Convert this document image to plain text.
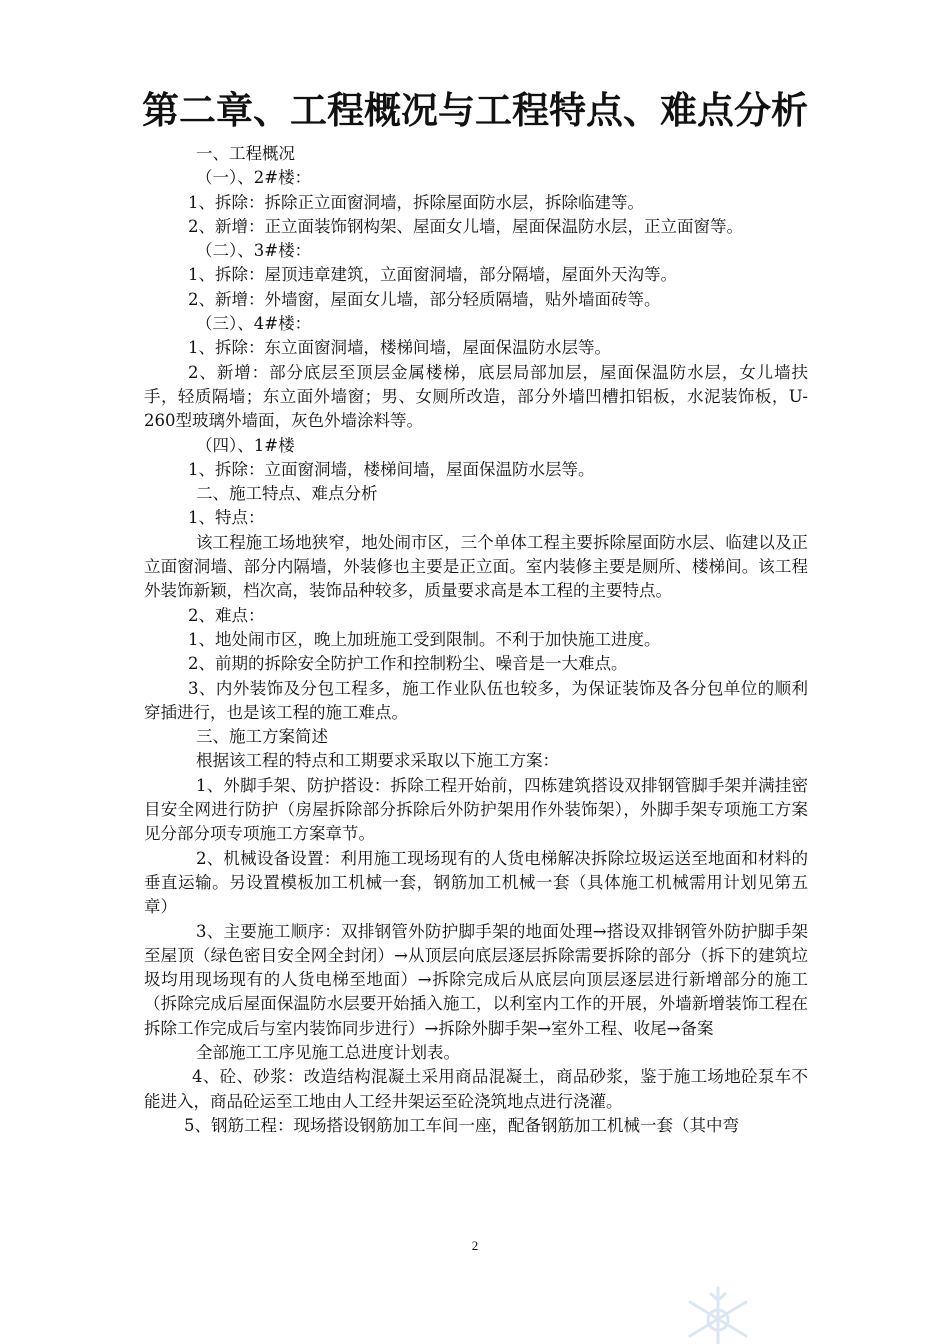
第二章、工程概况与工程特点、难点分析

一、工程概况

（一）、2#楼：

1、拆除：拆除正立面窗洞墙，拆除屋面防水层，拆除临建等。

2、新增：正立面装饰钢构架、屋面女儿墙，屋面保温防水层，正立面窗等。

（二）、3#楼：

1、拆除：屋顶违章建筑，立面窗洞墙，部分隔墙，屋面外天沟等。

2、新增：外墙窗，屋面女儿墙，部分轻质隔墙，贴外墙面砖等。

（三）、4#楼：

1、拆除：东立面窗洞墙，楼梯间墙，屋面保温防水层等。

2、新增：部分底层至顶层金属楼梯，底层局部加层，屋面保温防水层，女儿墙扶手，轻质隔墙；东立面外墙窗；男、女厕所改造，部分外墙凹槽扣铝板，水泥装饰板，U-260型玻璃外墙面，灰色外墙涂料等。

（四）、1#楼

1、拆除：立面窗洞墙，楼梯间墙，屋面保温防水层等。

二、施工特点、难点分析

1、特点：

该工程施工场地狭窄，地处闹市区，三个单体工程主要拆除屋面防水层、临建以及正立面窗洞墙、部分内隔墙，外装修也主要是正立面。室内装修主要是厕所、楼梯间。该工程外装饰新颖，档次高，装饰品种较多，质量要求高是本工程的主要特点。

2、难点：

1、地处闹市区，晚上加班施工受到限制。不利于加快施工进度。

2、前期的拆除安全防护工作和控制粉尘、噪音是一大难点。

3、内外装饰及分包工程多，施工作业队伍也较多，为保证装饰及各分包单位的顺利穿插进行，也是该工程的施工难点。

三、施工方案简述

根据该工程的特点和工期要求采取以下施工方案：

1、外脚手架、防护搭设：拆除工程开始前，四栋建筑搭设双排钢管脚手架并满挂密目安全网进行防护（房屋拆除部分拆除后外防护架用作外装饰架），外脚手架专项施工方案见分部分项专项施工方案章节。

2、机械设备设置：利用施工现场现有的人货电梯解决拆除垃圾运送至地面和材料的垂直运输。另设置模板加工机械一套，钢筋加工机械一套（具体施工机械需用计划见第五章）

3、主要施工顺序：双排钢管外防护脚手架的地面处理→搭设双排钢管外防护脚手架至屋顶（绿色密目安全网全封闭）→从顶层向底层逐层拆除需要拆除的部分（拆下的建筑垃圾均用现场现有的人货电梯至地面）→拆除完成后从底层向顶层逐层进行新增部分的施工（拆除完成后屋面保温防水层要开始插入施工，以利室内工作的开展，外墙新增装饰工程在拆除工作完成后与室内装饰同步进行）→拆除外脚手架→室外工程、收尾→备案

全部施工工序见施工总进度计划表。

4、砼、砂浆：改造结构混凝土采用商品混凝土，商品砂浆，鉴于施工场地砼泵车不能进入，商品砼运至工地由人工经井架运至砼浇筑地点进行浇灌。

5、钢筋工程：现场搭设钢筋加工车间一座，配备钢筋加工机械一套（其中弯

2
